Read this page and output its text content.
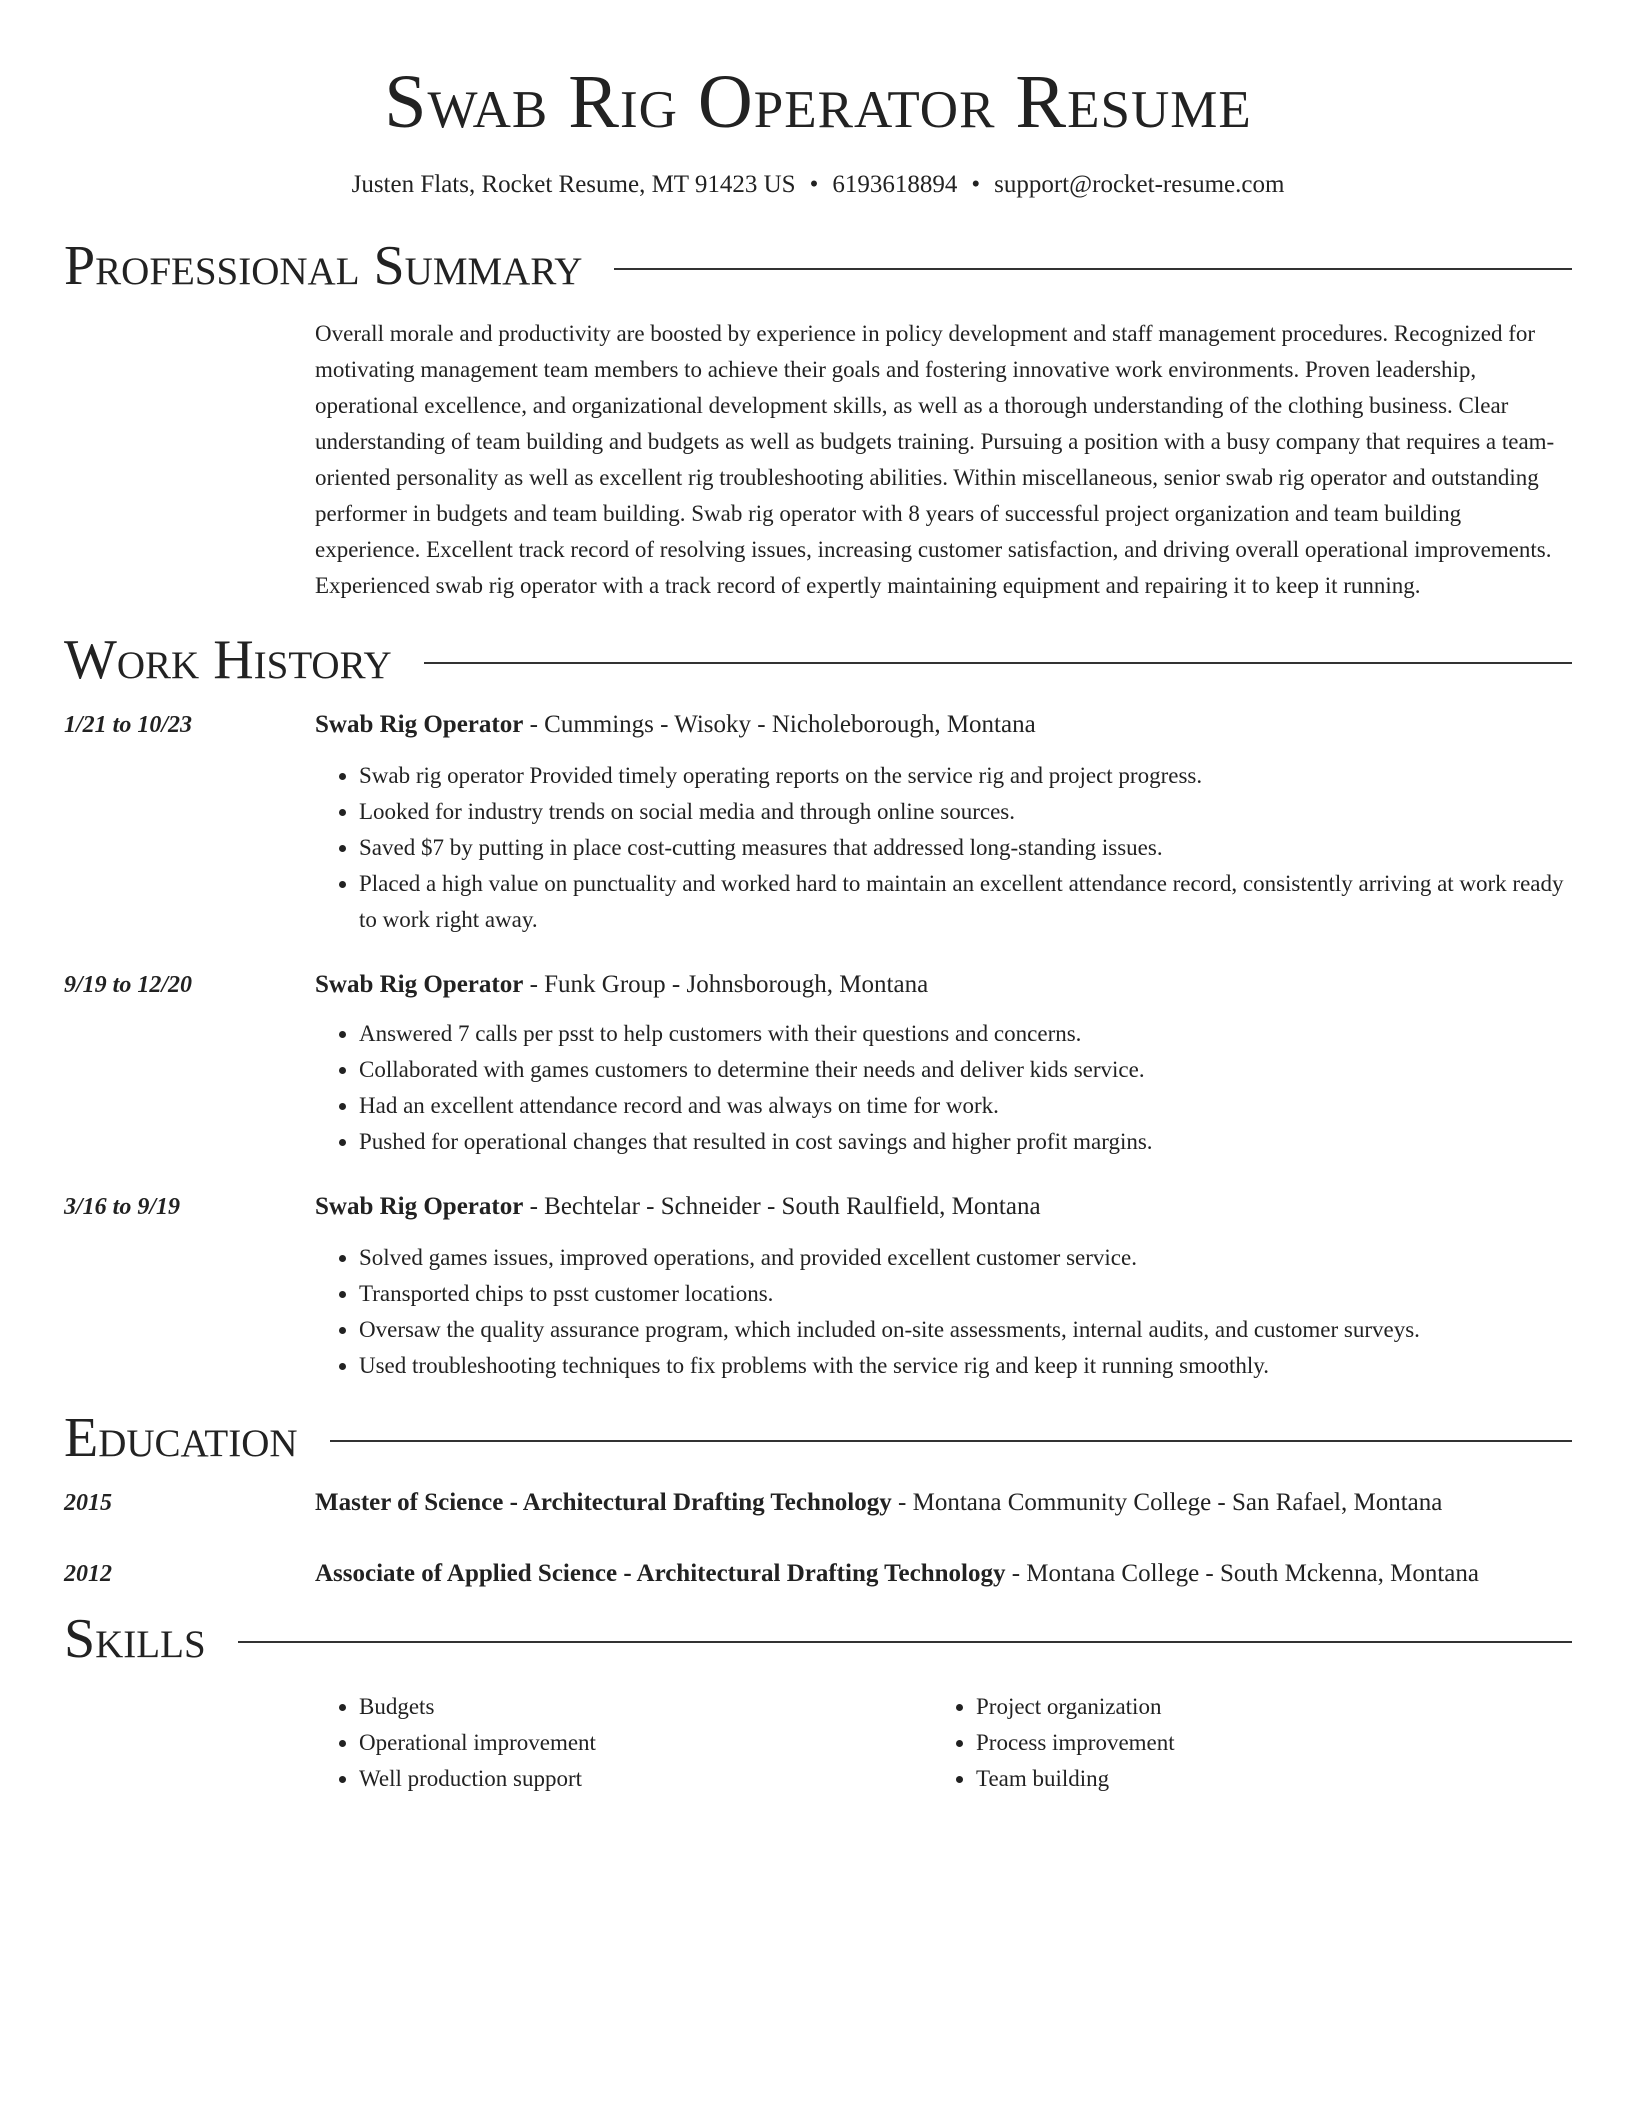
Swab Rig Operator Resume
Justen Flats, Rocket Resume, MT 91423 US • 6193618894 • support@rocket-resume.com
Professional Summary

Overall morale and productivity are boosted by experience in policy development and staff management procedures. Recognized for motivating management team members to achieve their goals and fostering innovative work environments. Proven leadership, operational excellence, and organizational development skills, as well as a thorough understanding of the clothing business. Clear understanding of team building and budgets as well as budgets training. Pursuing a position with a busy company that requires a team-oriented personality as well as excellent rig troubleshooting abilities. Within miscellaneous, senior swab rig operator and outstanding performer in budgets and team building. Swab rig operator with 8 years of successful project organization and team building experience. Excellent track record of resolving issues, increasing customer satisfaction, and driving overall operational improvements. Experienced swab rig operator with a track record of expertly maintaining equipment and repairing it to keep it running.

Work History
1/21 to 10/23	Swab Rig Operator - Cummings - Wisoky - Nicholeborough, Montana
• Swab rig operator Provided timely operating reports on the service rig and project progress.
• Looked for industry trends on social media and through online sources.
• Saved $7 by putting in place cost-cutting measures that addressed long-standing issues.
• Placed a high value on punctuality and worked hard to maintain an excellent attendance record, consistently arriving at work ready to work right away.
9/19 to 12/20	Swab Rig Operator - Funk Group - Johnsborough, Montana
• Answered 7 calls per psst to help customers with their questions and concerns.
• Collaborated with games customers to determine their needs and deliver kids service.
• Had an excellent attendance record and was always on time for work.
• Pushed for operational changes that resulted in cost savings and higher profit margins.
3/16 to 9/19	Swab Rig Operator - Bechtelar - Schneider - South Raulfield, Montana
• Solved games issues, improved operations, and provided excellent customer service.
• Transported chips to psst customer locations.
• Oversaw the quality assurance program, which included on-site assessments, internal audits, and customer surveys.
• Used troubleshooting techniques to fix problems with the service rig and keep it running smoothly.
Education
2015	Master of Science - Architectural Drafting Technology - Montana Community College - San Rafael, Montana
2012	Associate of Applied Science - Architectural Drafting Technology - Montana College - South Mckenna, Montana
Skills
• Budgets
• Operational improvement
• Well production support
• Project organization
• Process improvement
• Team building
